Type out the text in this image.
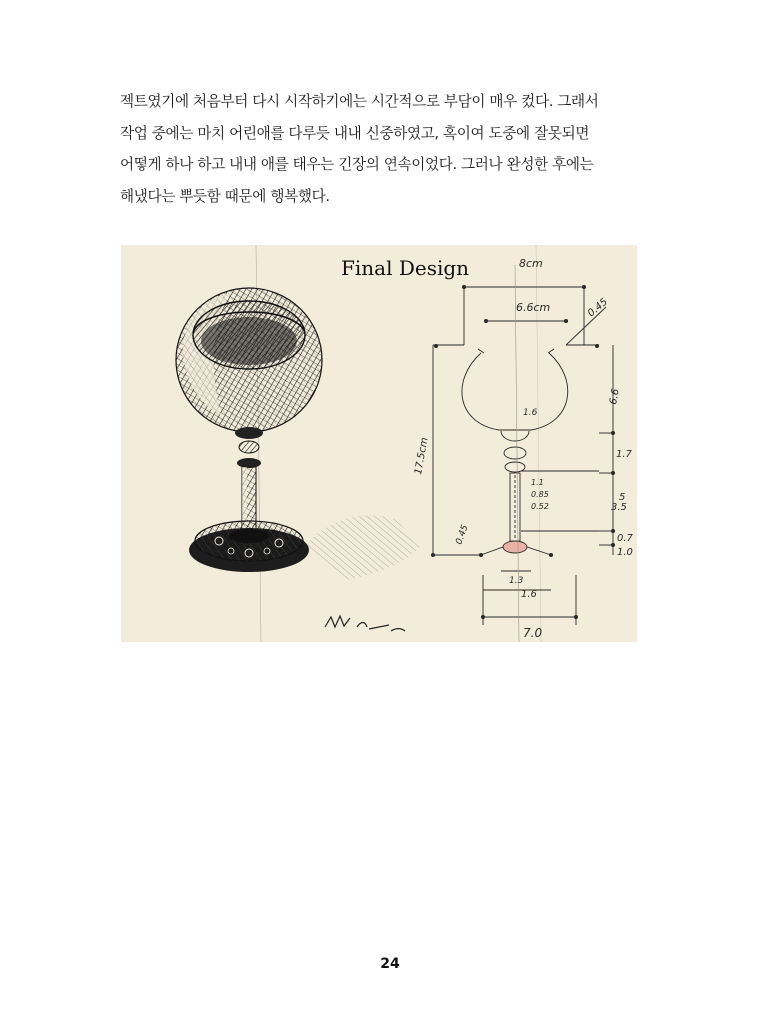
젝트였기에 처음부터 다시 시작하기에는 시간적으로 부담이 매우 컸다. 그래서
작업 중에는 마치 어린애를 다루듯 내내 신중하였고, 혹이여 도중에 잘못되면
어떻게 하나 하고 내내 애를 태우는 긴장의 연속이었다. 그러나 완성한 후에는
해냈다는 뿌듯함 때문에 행복했다.
Final Design	8cm
6.6cm	0.45
6.6
1.6
1.7
5
3.5
1.1
0.85
0.52
0.45	0.7
1.0
1.3
1.6
17.5cm
7.0
24
